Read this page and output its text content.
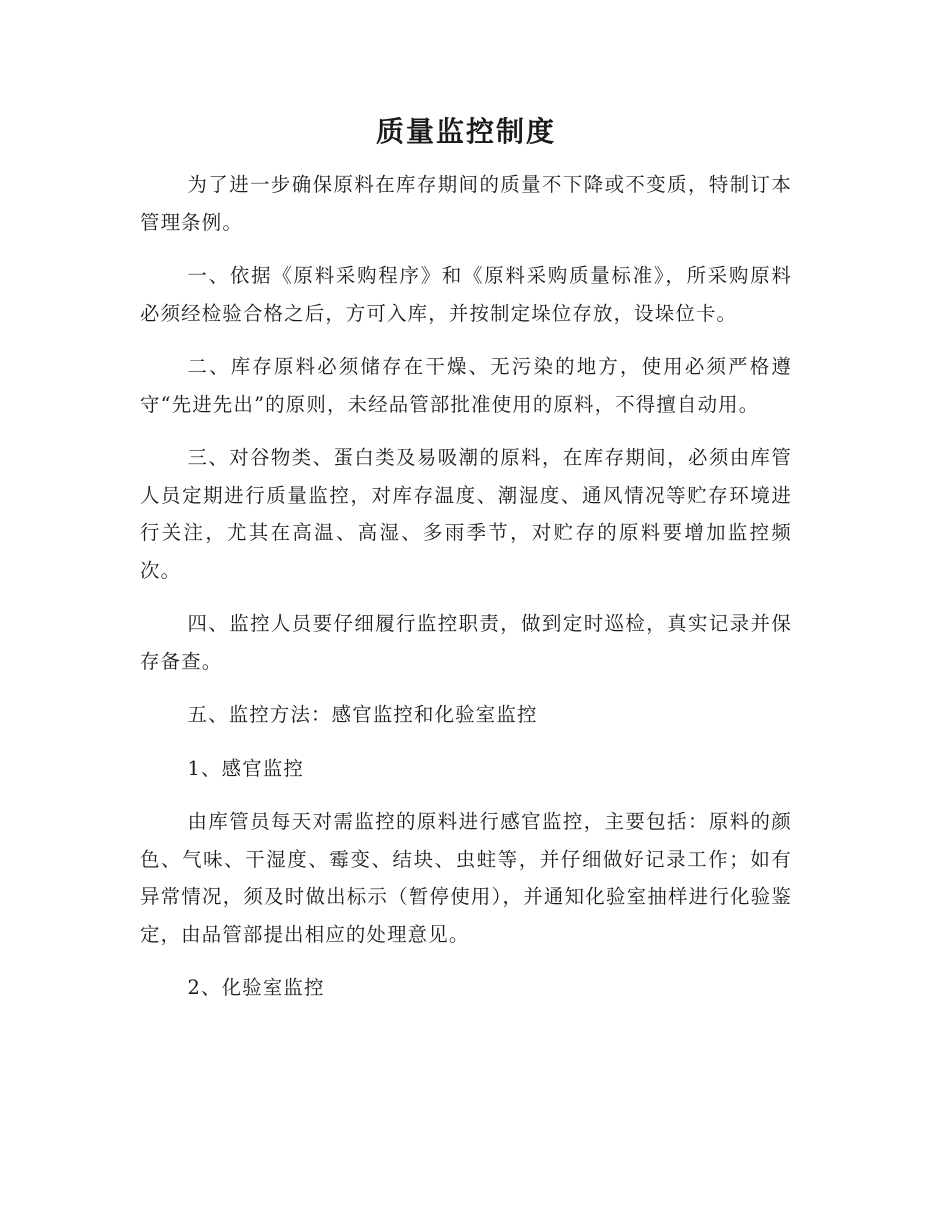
质量监控制度

为了进一步确保原料在库存期间的质量不下降或不变质，特制订本管理条例。

一、依据《原料采购程序》和《原料采购质量标准》，所采购原料必须经检验合格之后，方可入库，并按制定垛位存放，设垛位卡。

二、库存原料必须储存在干燥、无污染的地方，使用必须严格遵守“先进先出”的原则，未经品管部批准使用的原料，不得擅自动用。

三、对谷物类、蛋白类及易吸潮的原料，在库存期间，必须由库管人员定期进行质量监控，对库存温度、潮湿度、通风情况等贮存环境进行关注，尤其在高温、高湿、多雨季节，对贮存的原料要增加监控频次。

四、监控人员要仔细履行监控职责，做到定时巡检，真实记录并保存备查。

五、监控方法：感官监控和化验室监控

1、感官监控

由库管员每天对需监控的原料进行感官监控，主要包括：原料的颜色、气味、干湿度、霉变、结块、虫蛀等，并仔细做好记录工作；如有异常情况，须及时做出标示（暂停使用），并通知化验室抽样进行化验鉴定，由品管部提出相应的处理意见。

2、化验室监控
